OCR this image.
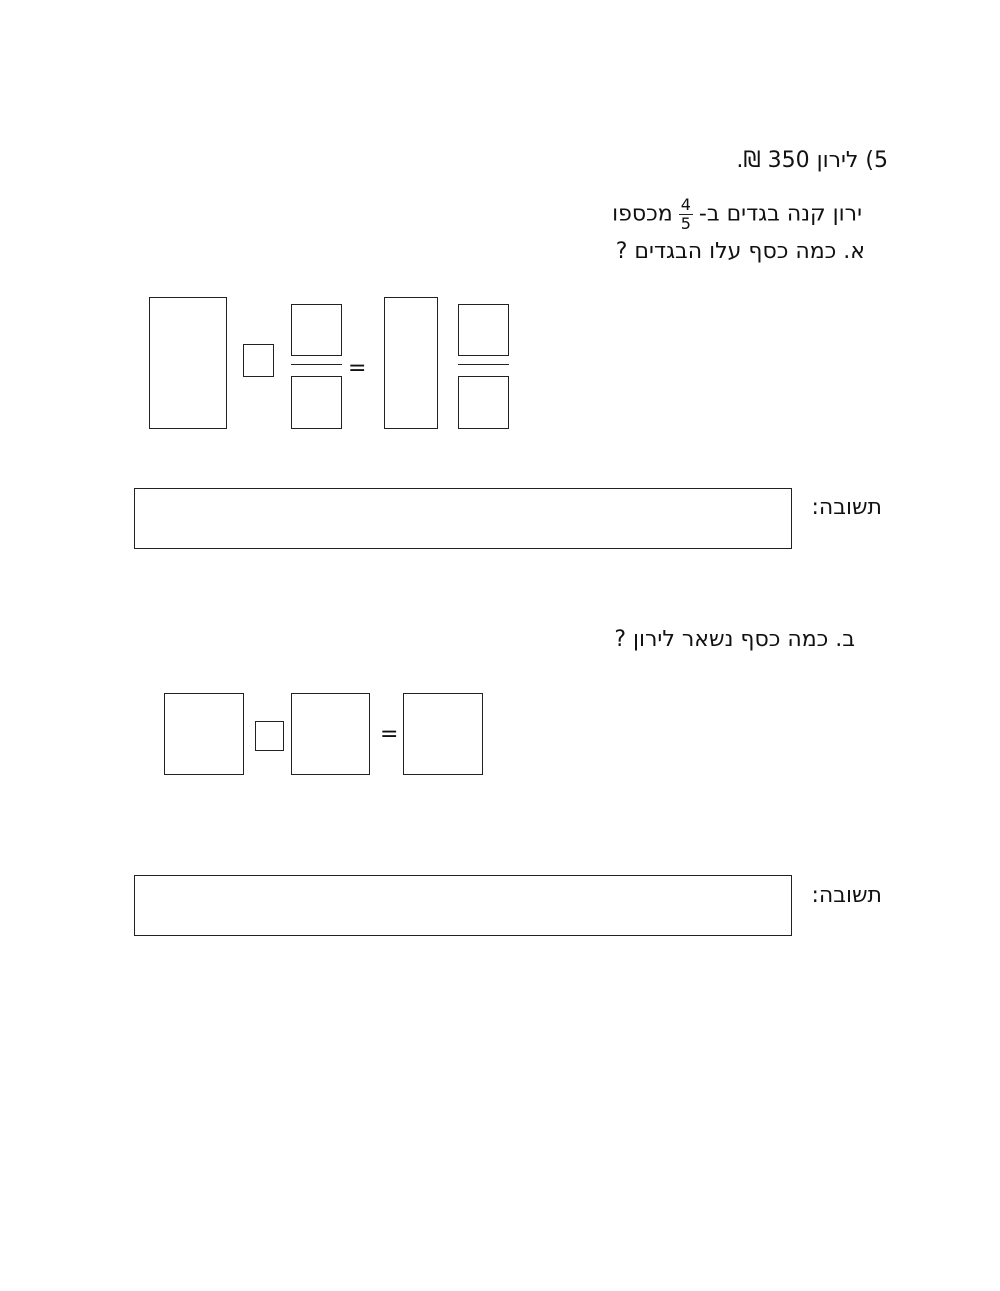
5) לירון 350 ₪.
ירון קנה בגדים ב-
$\frac{4}{5}$
מכספו
א. כמה כסף עלו הבגדים ?
=
תשובה:
ב. כמה כסף נשאר לירון ?
=
תשובה:
